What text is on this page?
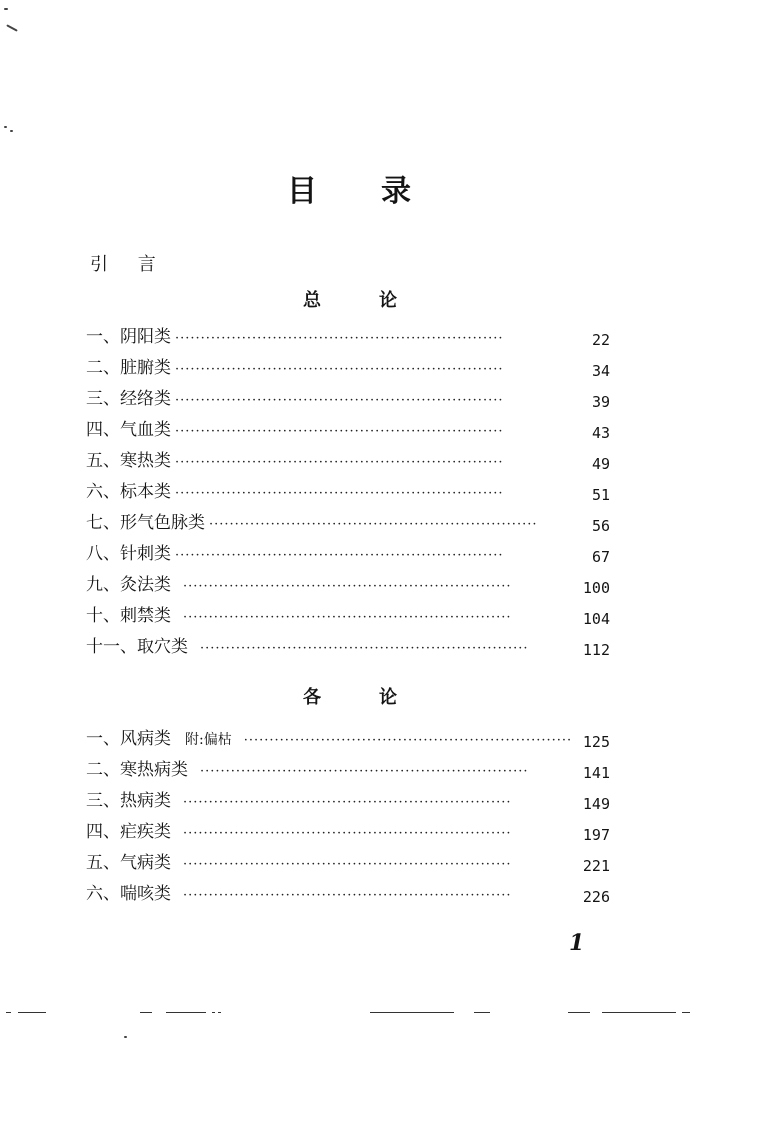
目 录
引 言
总	论
一、阴阳类 ································································	22
二、脏腑类 ································································	34
三、经络类 ································································	39
四、气血类 ································································	43
五、寒热类 ································································	49
六、标本类 ································································	51
七、形气色脉类 ································································	56
八、针刺类 ································································	67
九、灸法类 ································································	100
十、刺禁类 ································································	104
十一、取穴类 ································································	112
各	论
一、风病类 附:偏枯 ································································ 125
二、寒热病类 ································································	141
三、热病类 ································································	149
四、疟疾类 ································································	197
五、气病类 ································································	221
六、喘咳类 ································································	226
1
